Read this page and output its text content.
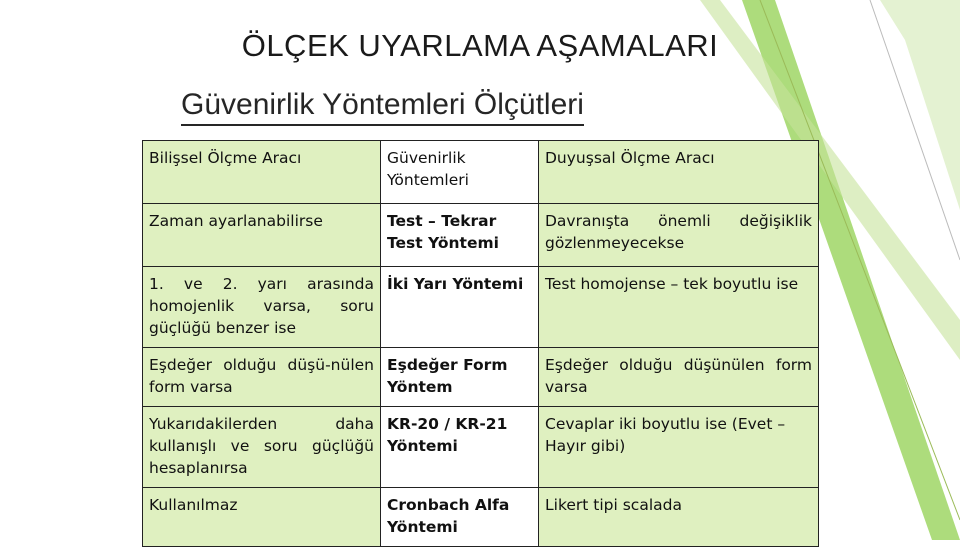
ÖLÇEK UYARLAMA AŞAMALARI
Güvenirlik Yöntemleri Ölçütleri
Bilişsel Ölçme Aracı	Güvenirlik Yöntemleri	Duyuşsal Ölçme Aracı
Zaman ayarlanabilirse	Test – Tekrar Test Yöntemi	Davranışta önemli değişiklik gözlenmeyecekse
1. ve 2. yarı arasında homojenlik varsa, soru güçlüğü benzer ise	İki Yarı Yöntemi	Test homojense – tek boyutlu ise
Eşdeğer olduğu düşü-nülen form varsa	Eşdeğer Form Yöntem	Eşdeğer olduğu düşünülen form varsa
Yukarıdakilerden daha kullanışlı ve soru güçlüğü hesaplanırsa	KR-20 / KR-21 Yöntemi	Cevaplar iki boyutlu ise (Evet – Hayır gibi)
Kullanılmaz	Cronbach Alfa Yöntemi	Likert tipi scalada
